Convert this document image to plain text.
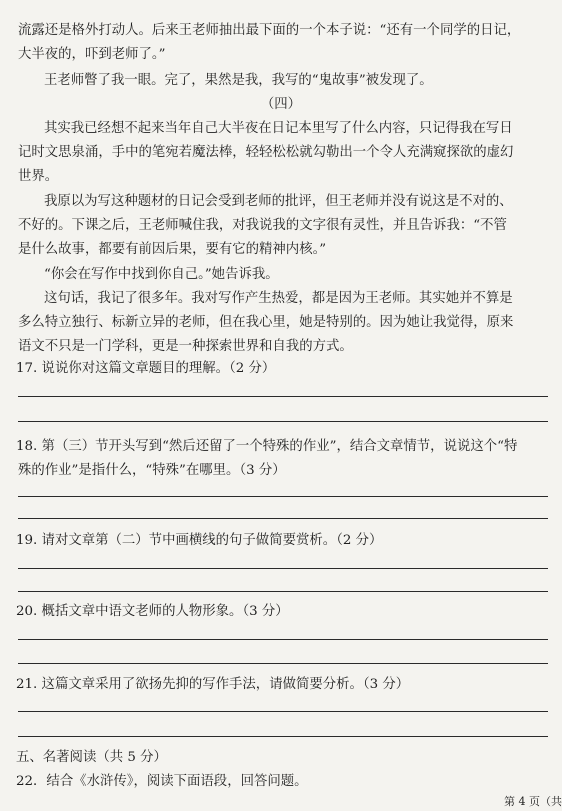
流露还是格外打动人。后来王老师抽出最下面的一个本子说：“还有一个同学的日记，
大半夜的，吓到老师了。”
王老师瞥了我一眼。完了，果然是我，我写的“鬼故事”被发现了。
（四）
其实我已经想不起来当年自己大半夜在日记本里写了什么内容，只记得我在写日
记时文思泉涌，手中的笔宛若魔法棒，轻轻松松就勾勒出一个令人充满窥探欲的虚幻
世界。
我原以为写这种题材的日记会受到老师的批评，但王老师并没有说这是不对的、
不好的。下课之后，王老师喊住我，对我说我的文字很有灵性，并且告诉我：“不管
是什么故事，都要有前因后果，要有它的精神内核。”
“你会在写作中找到你自己。”她告诉我。
这句话，我记了很多年。我对写作产生热爱，都是因为王老师。其实她并不算是
多么特立独行、标新立异的老师，但在我心里，她是特别的。因为她让我觉得，原来
语文不只是一门学科，更是一种探索世界和自我的方式。
17. 说说你对这篇文章题目的理解。（2 分）
18. 第（三）节开头写到“然后还留了一个特殊的作业”，结合文章情节，说说这个“特
殊的作业”是指什么，“特殊”在哪里。（3 分）
19. 请对文章第（二）节中画横线的句子做简要赏析。（2 分）
20. 概括文章中语文老师的人物形象。（3 分）
21. 这篇文章采用了欲扬先抑的写作手法，请做简要分析。（3 分）
五、名著阅读（共 5 分）
22．结合《水浒传》，阅读下面语段，回答问题。
第 4 页（共
